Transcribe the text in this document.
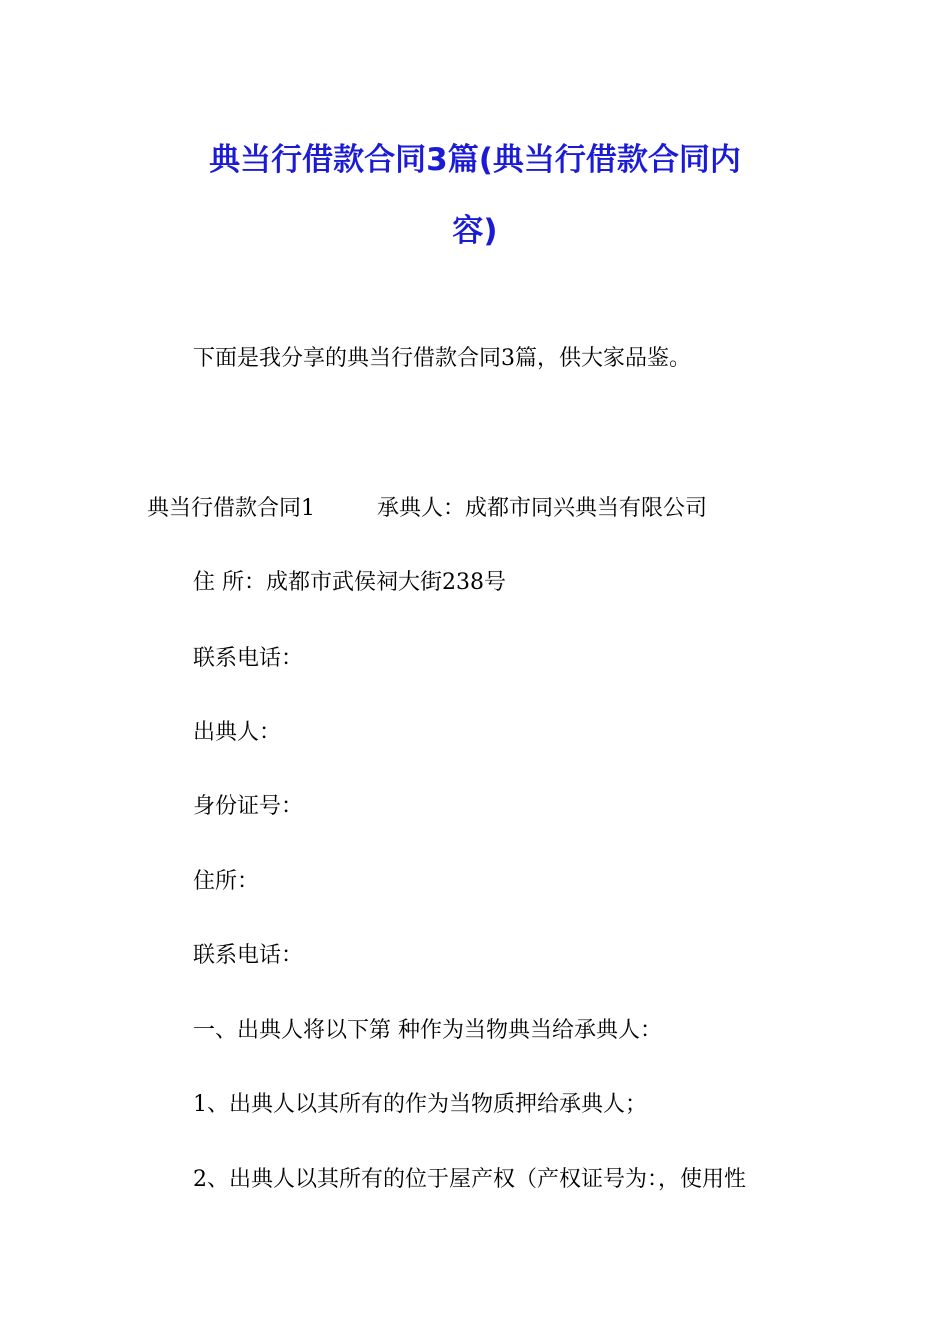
典当行借款合同3篇(典当行借款合同内
容)

下面是我分享的典当行借款合同3篇，供大家品鉴。

典当行借款合同1	承典人：成都市同兴典当有限公司

住 所：成都市武侯祠大街238号

联系电话：

出典人：

身份证号：

住所：

联系电话：

一、出典人将以下第 种作为当物典当给承典人：

1、出典人以其所有的作为当物质押给承典人；

2、出典人以其所有的位于屋产权（产权证号为：，使用性
